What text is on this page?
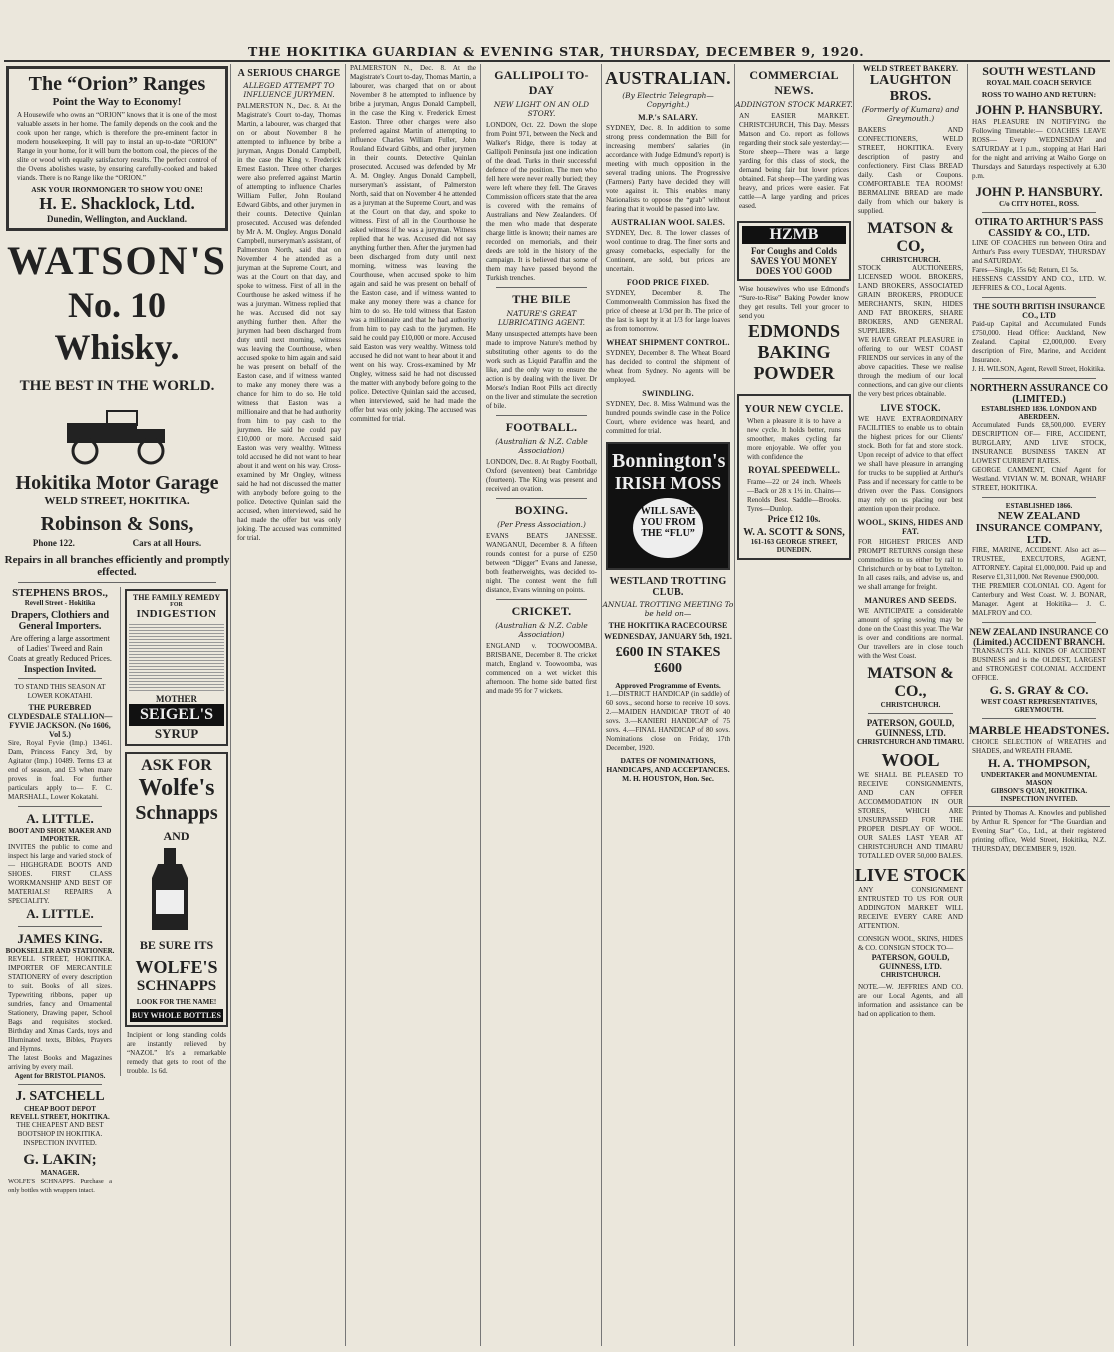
THE HOKITIKA GUARDIAN & EVENING STAR, THURSDAY, DECEMBER 9, 1920.
The “Orion” Ranges
Point the Way to Economy!
A Housewife who owns an “ORION” knows that it is one of the most valuable assets in her home. The family depends on the cook and the cook upon her range, which is therefore the pre-eminent factor in modern housekeeping. It will pay to instal an up-to-date “ORION” Range in your home, for it will burn the bottom coal, the pieces of the slite or wood with equally satisfactory results. The perfect control of the Ovens abolishes waste, by ensuring carefully-cooked and baked viands. There is no Range like the “ORION.”
ASK YOUR IRONMONGER TO SHOW YOU ONE!
H. E. Shacklock, Ltd.
Dunedin, Wellington, and Auckland.
WATSON'S
No. 10 Whisky.
THE BEST IN THE WORLD.
Hokitika Motor Garage
WELD STREET, HOKITIKA.
Robinson & Sons,
Phone 122.	Cars at all Hours.
Repairs in all branches efficiently and promptly effected.
STEPHENS BROS.,
Revell Street - Hokitika
Drapers, Clothiers and General Importers.
Are offering a large assortment of Ladies' Tweed and Rain Coats at greatly Reduced Prices.
Inspection Invited.
TO STAND THIS SEASON AT LOWER KOKATAHI.
THE PUREBRED CLYDESDALE STALLION— FYVIE JACKSON. (No 1606, Vol 5.)
Sire, Royal Fyvie (Imp.) 13461. Dam, Princess Fancy 3rd, by Agitator (Imp.) 10489. Terms £3 at end of season, and £3 when mare proves in foal. For further particulars apply to— F. C. MARSHALL, Lower Kokatahi.
A. LITTLE.
BOOT AND SHOE MAKER AND IMPORTER.
INVITES the public to come and inspect his large and varied stock of— HIGHGRADE BOOTS AND SHOES. FIRST CLASS WORKMANSHIP AND BEST OF MATERIALS! REPAIRS A SPECIALITY.
A. LITTLE.
JAMES KING.
BOOKSELLER AND STATIONER.
REVELL STREET, HOKITIKA. IMPORTER OF MERCANTILE STATIONERY of every description to suit. Books of all sizes. Typewriting ribbons, paper up sundries, fancy and Ornamental Stationery, Drawing paper, School Bags and requisites stocked. Birthday and Xmas Cards, toys and Illuminated texts, Bibles, Prayers and Hymns.
The latest Books and Magazines arriving by every mail.
Agent for BRISTOL PIANOS.
J. SATCHELL
CHEAP BOOT DEPOT
REVELL STREET, HOKITIKA.
THE CHEAPEST AND BEST BOOTSHOP IN HOKITIKA. INSPECTION INVITED.
G. LAKIN;
MANAGER.
WOLFE'S SCHNAPPS. Purchase a only bottles with wrappers intact.
THE FAMILY REMEDY
FOR
INDIGESTION
MOTHER
SEIGEL'S
SYRUP
ASK FOR
Wolfe's
Schnapps
AND
BE SURE ITS
WOLFE'S
SCHNAPPS
LOOK FOR THE NAME!
BUY WHOLE BOTTLES
Incipient or long standing colds are instantly relieved by “NAZOL” It's a remarkable remedy that gets to root of the trouble. 1s 6d.
A SERIOUS CHARGE
ALLEGED ATTEMPT TO INFLUENCE JURYMEN.
PALMERSTON N., Dec. 8. At the Magistrate's Court to-day, Thomas Martin, a labourer, was charged that on or about November 8 he attempted to influence by bribe a juryman, Angus Donald Campbell, in the case the King v. Frederick Ernest Easton. Three other charges were also preferred against Martin of attempting to influence Charles William Fuller, John Rouland Edward Gibbs, and other jurymen in their counts. Detective Quinlan prosecuted. Accused was defended by Mr A. M. Ongley. Angus Donald Campbell, nurseryman's assistant, of Palmerston North, said that on November 4 he attended as a juryman at the Supreme Court, and was at the Court on that day, and spoke to witness. First of all in the Courthouse he asked witness if he was a juryman. Witness replied that he was. Accused did not say anything further then. After the jurymen had been discharged from duty until next morning, witness was leaving the Courthouse, when accused spoke to him again and said he was present on behalf of the Easton case, and if witness wanted to make any money there was a chance for him to do so. He told witness that Easton was a millionaire and that he had authority from him to pay cash to the jurymen. He said he could pay £10,000 or more. Accused said Easton was very wealthy. Witness told accused he did not want to hear about it and went on his way. Cross-examined by Mr Ongley, witness said he had not discussed the matter with anybody before going to the police. Detective Quinlan said the accused, when interviewed, said he had made the offer but was only joking. The accused was committed for trial.
PALMERSTON N., Dec. 8. At the Magistrate's Court to-day, Thomas Martin, a labourer, was charged that on or about November 8 he attempted to influence by bribe a juryman, Angus Donald Campbell, in the case the King v. Frederick Ernest Easton. Three other charges were also preferred against Martin of attempting to influence Charles William Fuller, John Rouland Edward Gibbs, and other jurymen in their counts. Detective Quinlan prosecuted. Accused was defended by Mr A. M. Ongley. Angus Donald Campbell, nurseryman's assistant, of Palmerston North, said that on November 4 he attended as a juryman at the Supreme Court, and was at the Court on that day, and spoke to witness. First of all in the Courthouse he asked witness if he was a juryman. Witness replied that he was. Accused did not say anything further then. After the jurymen had been discharged from duty until next morning, witness was leaving the Courthouse, when accused spoke to him again and said he was present on behalf of the Easton case, and if witness wanted to make any money there was a chance for him to do so. He told witness that Easton was a millionaire and that he had authority from him to pay cash to the jurymen. He said he could pay £10,000 or more. Accused said Easton was very wealthy. Witness told accused he did not want to hear about it and went on his way. Cross-examined by Mr Ongley, witness said he had not discussed the matter with anybody before going to the police. Detective Quinlan said the accused, when interviewed, said he had made the offer but was only joking. The accused was committed for trial.
GALLIPOLI TO-DAY
NEW LIGHT ON AN OLD STORY.
LONDON, Oct. 22. Down the slope from Point 971, between the Neck and Walker's Ridge, there is today at Gallipoli Peninsula just one indication of the dead. Turks in their successful defence of the position. The men who fell here were never really buried; they were left where they fell. The Graves Commission officers state that the area is covered with the remains of Australians and New Zealanders. Of the men who made that desperate charge little is known; their names are recorded on memorials, and their deeds are told in the history of the campaign. It is believed that some of them may have passed beyond the Turkish trenches.
THE BILE
NATURE'S GREAT LUBRICATING AGENT.
Many unsuspected attempts have been made to improve Nature's method by substituting other agents to do the work such as Liquid Paraffin and the like, and the only way to ensure the action is by dealing with the liver. Dr Morse's Indian Root Pills act directly on the liver and stimulate the secretion of bile.
FOOTBALL.
(Australian & N.Z. Cable Association)
LONDON, Dec. 8. At Rugby Football, Oxford (seventeen) beat Cambridge (fourteen). The King was present and received an ovation.
BOXING.
(Per Press Association.)
EVANS BEATS JANESSE. WANGANUI, December 8. A fifteen rounds contest for a purse of £250 between “Digger” Evans and Janesse, both featherweights, was decided to-night. The contest went the full distance, Evans winning on points.
CRICKET.
(Australian & N.Z. Cable Association)
ENGLAND v. TOOWOOMBA. BRISBANE, December 8. The cricket match, England v. Toowoomba, was commenced on a wet wicket this afternoon. The home side batted first and made 95 for 7 wickets.
AUSTRALIAN.
(By Electric Telegraph—Copyright.)
M.P.'s SALARY.
SYDNEY, Dec. 8. In addition to some strong press condemnation the Bill for increasing members' salaries (in accordance with Judge Edmund's report) is meeting with much opposition in the several trading unions. The Progressive (Farmers) Party have decided they will vote against it. This enables many Nationalists to oppose the “grab” without fearing that it would be passed into law.
AUSTRALIAN WOOL SALES.
SYDNEY, Dec. 8. The lower classes of wool continue to drag. The finer sorts and greasy comebacks, especially for the Continent, are sold, but prices are uncertain.
FOOD PRICE FIXED.
SYDNEY, December 8. The Commonwealth Commission has fixed the price of cheese at 1/3d per lb. The price of the last is kept by it at 1/3 for large loaves as from tomorrow.
WHEAT SHIPMENT CONTROL.
SYDNEY, December 8. The Wheat Board has decided to control the shipment of wheat from Sydney. No agents will be employed.
SWINDLING.
SYDNEY, Dec. 8. Miss Walmund was the hundred pounds swindle case in the Police Court, where evidence was heard, and committed for trial.
Bonnington's
IRISH MOSS
WILL SAVE YOU FROM THE “FLU”
WESTLAND TROTTING CLUB.
ANNUAL TROTTING MEETING To be held on—
THE HOKITIKA RACECOURSE
WEDNESDAY, JANUARY 5th, 1921.
£600 IN STAKES £600
Approved Programme of Events.
1.—DISTRICT HANDICAP (in saddle) of 60 sovs., second horse to receive 10 sovs. 2.—MAIDEN HANDICAP TROT of 40 sovs. 3.—KANIERI HANDICAP of 75 sovs. 4.—FINAL HANDICAP of 80 sovs. Nominations close on Friday, 17th December, 1920.
DATES OF NOMINATIONS, HANDICAPS, AND ACCEPTANCES.
M. H. HOUSTON, Hon. Sec.
COMMERCIAL NEWS.
ADDINGTON STOCK MARKET.
AN EASIER MARKET. CHRISTCHURCH, This Day. Messrs Matson and Co. report as follows regarding their stock sale yesterday:— Store sheep—There was a large yarding for this class of stock, the demand being fair but lower prices obtained. Fat sheep—The yarding was heavy, and prices were easier. Fat cattle—A large yarding and prices eased.
HZMB
For Coughs and Colds SAVES YOU MONEY DOES YOU GOOD
Wise housewives who use Edmond's “Sure-to-Rise” Baking Powder know they get results. Tell your grocer to send you
EDMONDS BAKING POWDER
YOUR NEW CYCLE.
When a pleasure it is to have a new cycle. It holds better, runs smoother, makes cycling far more enjoyable. We offer you with confidence the
ROYAL SPEEDWELL.
Frame—22 or 24 inch. Wheels—Back or 28 x 1½ in. Chains—Renolds Best. Saddle—Brooks. Tyres—Dunlop.
Price £12 10s.
W. A. SCOTT & SONS,
161-163 GEORGE STREET, DUNEDIN.
WELD STREET BAKERY.
LAUGHTON BROS.
(Formerly of Kumara) and Greymouth.)
BAKERS AND CONFECTIONERS, WELD STREET, HOKITIKA. Every description of pastry and confectionery. First Class BREAD daily. Cash or Coupons. COMFORTABLE TEA ROOMS! BERMALINE BREAD are made daily from which our bakery is supplied.
MATSON & CO,
CHRISTCHURCH.
STOCK AUCTIONEERS, LICENSED WOOL BROKERS, LAND BROKERS, ASSOCIATED GRAIN BROKERS, PRODUCE MERCHANTS, SKIN, HIDES AND FAT BROKERS, SHARE BROKERS, AND GENERAL SUPPLIERS.
WE HAVE GREAT PLEASURE in offering to our WEST COAST FRIENDS our services in any of the above capacities. These we realise through the medium of our local connections, and can give our clients the very best prices obtainable.
LIVE STOCK.
WE HAVE EXTRAORDINARY FACILITIES to enable us to obtain the highest prices for our Clients' stock. Both for fat and store stock. Upon receipt of advice to that effect we shall have pleasure in arranging for trucks to be supplied at Arthur's Pass and if necessary for cattle to be driven over the Pass. Consignors may rely on us placing our best attention upon their produce.
WOOL, SKINS, HIDES AND FAT.
FOR HIGHEST PRICES AND PROMPT RETURNS consign these commodities to us either by rail to Christchurch or by boat to Lyttelton. In all cases rails, and advise us, and we shall arrange for freight.
MANURES AND SEEDS.
WE ANTICIPATE a considerable amount of spring sowing may be done on the Coast this year. The War is over and conditions are normal. Our travellers are in close touch with the West Coast.
MATSON & CO.,
CHRISTCHURCH.
PATERSON, GOULD, GUINNESS, LTD.
CHRISTCHURCH AND TIMARU.
WOOL
WE SHALL BE PLEASED TO RECEIVE CONSIGNMENTS, AND CAN OFFER ACCOMMODATION IN OUR STORES, WHICH ARE UNSURPASSED FOR THE PROPER DISPLAY OF WOOL. OUR SALES LAST YEAR AT CHRISTCHURCH AND TIMARU TOTALLED OVER 50,000 BALES.
LIVE STOCK
ANY CONSIGNMENT ENTRUSTED TO US FOR OUR ADDINGTON MARKET WILL RECEIVE EVERY CARE AND ATTENTION.
CONSIGN WOOL, SKINS, HIDES & CO. CONSIGN STOCK TO—
PATERSON, GOULD, GUINNESS, LTD.
CHRISTCHURCH.
NOTE.—W. JEFFRIES AND CO. are our Local Agents, and all information and assistance can be had on application to them.
SOUTH WESTLAND
ROYAL MAIL COACH SERVICE
ROSS TO WAIHO AND RETURN:
JOHN P. HANSBURY.
HAS PLEASURE IN NOTIFYING the Following Timetable:— COACHES LEAVE ROSS— Every WEDNESDAY and SATURDAY at 1 p.m., stopping at Hari Hari for the night and arriving at Waiho Gorge on Thursdays and Saturdays respectively at 6.30 p.m.
JOHN P. HANSBURY.
C/o CITY HOTEL, ROSS.
OTIRA TO ARTHUR'S PASS CASSIDY & CO., LTD.
LINE OF COACHES run between Otira and Arthur's Pass every TUESDAY, THURSDAY and SATURDAY.
Fares—Single, 15s 6d; Return, £1 5s.
HESSENS CASSIDY AND CO., LTD. W. JEFFRIES & CO., Local Agents.
THE SOUTH BRITISH INSURANCE CO., LTD
Paid-up Capital and Accumulated Funds £750,000. Head Office: Auckland, New Zealand. Capital £2,000,000. Every description of Fire, Marine, and Accident Insurance.
J. H. WILSON, Agent, Revell Street, Hokitika.
NORTHERN ASSURANCE CO (LIMITED.)
ESTABLISHED 1836. LONDON AND ABERDEEN.
Accumulated Funds £8,500,000. EVERY DESCRIPTION OF— FIRE, ACCIDENT, BURGLARY, AND LIVE STOCK, INSURANCE BUSINESS TAKEN AT LOWEST CURRENT RATES.
GEORGE CAMMENT, Chief Agent for Westland. VIVIAN W. M. BONAR, WHARF STREET, HOKITIKA.
ESTABLISHED 1866.
NEW ZEALAND INSURANCE COMPANY, LTD.
FIRE, MARINE, ACCIDENT. Also act as— TRUSTEE, EXECUTORS, AGENT, ATTORNEY. Capital £1,000,000. Paid up and Reserve £1,311,000. Net Revenue £900,000.
THE PREMIER COLONIAL CO. Agent for Canterbury and West Coast. W. J. BONAR, Manager. Agent at Hokitika— J. C. MALFROY and CO.
NEW ZEALAND INSURANCE CO (Limited.) ACCIDENT BRANCH.
TRANSACTS ALL KINDS OF ACCIDENT BUSINESS and is the OLDEST, LARGEST and STRONGEST COLONIAL ACCIDENT OFFICE.
G. S. GRAY & CO.
WEST COAST REPRESENTATIVES, GREYMOUTH.
MARBLE HEADSTONES.
CHOICE SELECTION of WREATHS and SHADES, and WREATH FRAME.
H. A. THOMPSON,
UNDERTAKER and MONUMENTAL MASON
GIBSON'S QUAY, HOKITIKA.
INSPECTION INVITED.
Printed by Thomas A. Knowles and published by Arthur R. Spencer for “The Guardian and Evening Star” Co., Ltd., at their registered printing office, Weld Street, Hokitika, N.Z. THURSDAY, DECEMBER 9, 1920.
